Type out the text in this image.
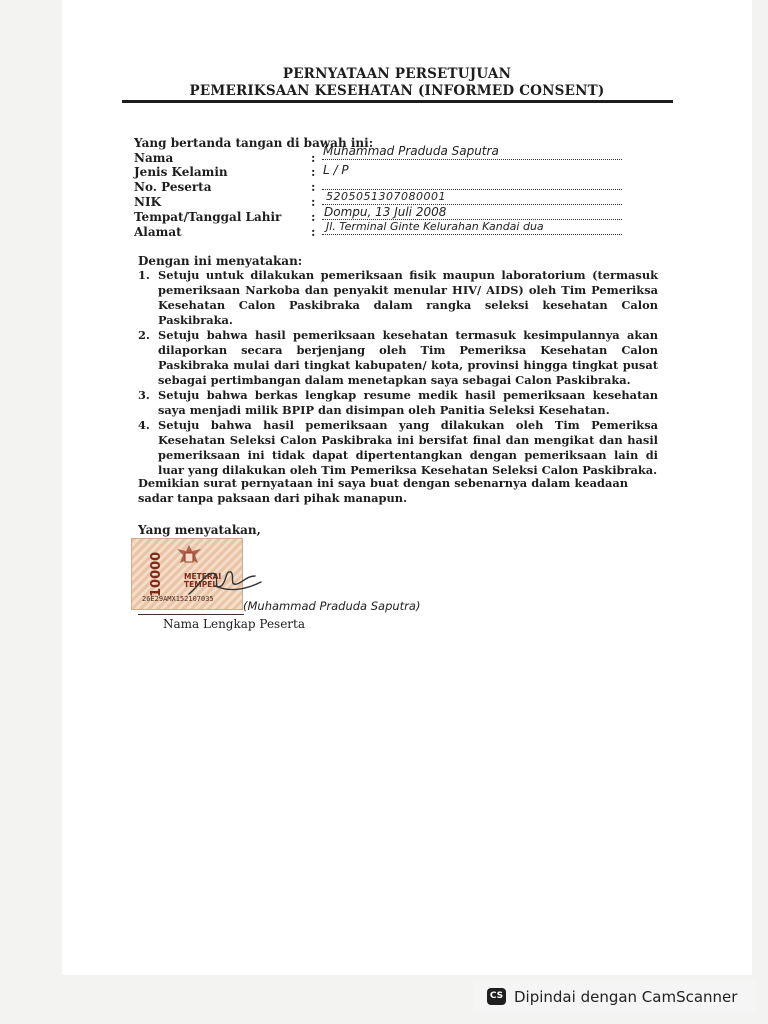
PERNYATAAN PERSETUJUAN
PEMERIKSAAN KESEHATAN (INFORMED CONSENT)
Yang bertanda tangan di bawah ini:
Nama	: Muhammad Praduda Saputra
Jenis Kelamin	: L / P
No. Peserta	:
NIK	: 5205051307080001
Tempat/Tanggal Lahir : Dompu, 13 Juli 2008
Alamat	: Jl. Terminal Ginte Kelurahan Kandai dua
Dengan ini menyatakan:
1. Setuju untuk dilakukan pemeriksaan fisik maupun laboratorium (termasuk pemeriksaan Narkoba dan penyakit menular HIV/ AIDS) oleh Tim Pemeriksa Kesehatan Calon Paskibraka dalam rangka seleksi kesehatan Calon Paskibraka.
2. Setuju bahwa hasil pemeriksaan kesehatan termasuk kesimpulannya akan dilaporkan secara berjenjang oleh Tim Pemeriksa Kesehatan Calon Paskibraka mulai dari tingkat kabupaten/ kota, provinsi hingga tingkat pusat sebagai pertimbangan dalam menetapkan saya sebagai Calon Paskibraka.
3. Setuju bahwa berkas lengkap resume medik hasil pemeriksaan kesehatan saya menjadi milik BPIP dan disimpan oleh Panitia Seleksi Kesehatan.
4. Setuju bahwa hasil pemeriksaan yang dilakukan oleh Tim Pemeriksa Kesehatan Seleksi Calon Paskibraka ini bersifat final dan mengikat dan hasil pemeriksaan ini tidak dapat dipertentangkan dengan pemeriksaan lain di luar yang dilakukan oleh Tim Pemeriksa Kesehatan Seleksi Calon Paskibraka.
Demikian surat pernyataan ini saya buat dengan sebenarnya dalam keadaan sadar tanpa paksaan dari pihak manapun.
Yang menyatakan,
10000	METERAI TEMPEL
26E29AMX152107035	(Muhammad Praduda Saputra)
Nama Lengkap Peserta
CS Dipindai dengan CamScanner
